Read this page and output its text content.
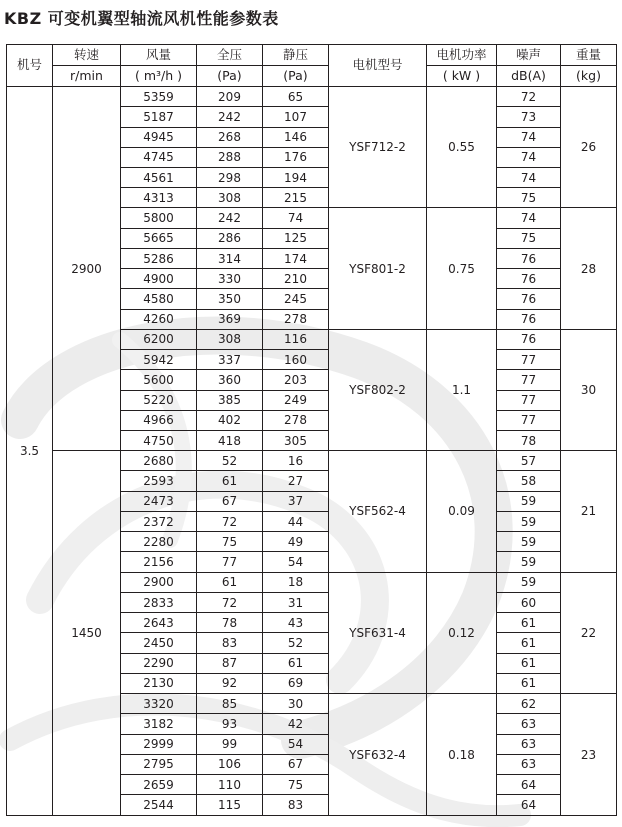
KBZ 可变机翼型轴流风机性能参数表
机号	转速	风量	全压	静压	电机型号	电机功率	噪声	重量
	r/min	( m³/h )	(Pa)	(Pa)		( kW )	dB(A)	(kg)
3.5	2900	5359	209	65	YSF712-2	0.55	72	26
		5187	242	107			73	
		4945	268	146			74	
		4745	288	176			74	
		4561	298	194			74	
		4313	308	215			75	
		5800	242	74	YSF801-2	0.75	74	28
		5665	286	125			75	
		5286	314	174			76	
		4900	330	210			76	
		4580	350	245			76	
		4260	369	278			76	
		6200	308	116	YSF802-2	1.1	76	30
		5942	337	160			77	
		5600	360	203			77	
		5220	385	249			77	
		4966	402	278			77	
		4750	418	305			78	
	1450	2680	52	16	YSF562-4	0.09	57	21
		2593	61	27			58	
		2473	67	37			59	
		2372	72	44			59	
		2280	75	49			59	
		2156	77	54			59	
		2900	61	18	YSF631-4	0.12	59	22
		2833	72	31			60	
		2643	78	43			61	
		2450	83	52			61	
		2290	87	61			61	
		2130	92	69			61	
		3320	85	30	YSF632-4	0.18	62	23
		3182	93	42			63	
		2999	99	54			63	
		2795	106	67			63	
		2659	110	75			64	
		2544	115	83			64	
